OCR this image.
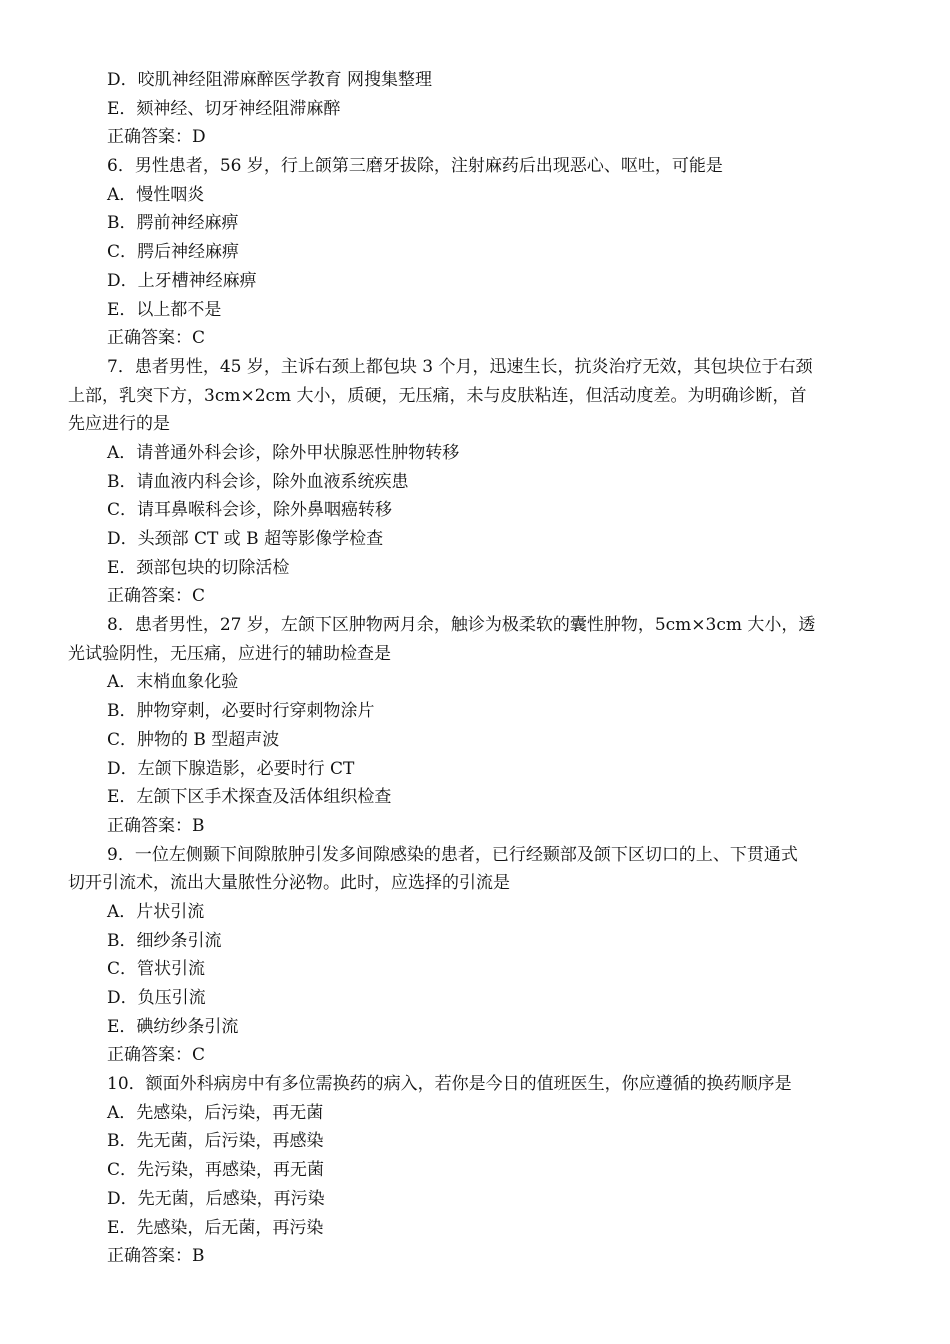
D．咬肌神经阻滞麻醉医学教育 网搜集整理
E．颏神经、切牙神经阻滞麻醉
正确答案：D
6．男性患者，56 岁，行上颌第三磨牙拔除，注射麻药后出现恶心、呕吐，可能是
A．慢性咽炎
B．腭前神经麻痹
C．腭后神经麻痹
D．上牙槽神经麻痹
E．以上都不是
正确答案：C
7．患者男性，45 岁，主诉右颈上都包块 3 个月，迅速生长，抗炎治疗无效，其包块位于右颈
上部，乳突下方，3cm×2cm 大小，质硬，无压痛，未与皮肤粘连，但活动度差。为明确诊断，首
先应进行的是
A．请普通外科会诊，除外甲状腺恶性肿物转移
B．请血液内科会诊，除外血液系统疾患
C．请耳鼻喉科会诊，除外鼻咽癌转移
D．头颈部 CT 或 B 超等影像学检查
E．颈部包块的切除活检
正确答案：C
8．患者男性，27 岁，左颌下区肿物两月余，触诊为极柔软的囊性肿物，5cm×3cm 大小，透
光试验阴性，无压痛，应进行的辅助检查是
A．末梢血象化验
B．肿物穿刺，必要时行穿刺物涂片
C．肿物的 B 型超声波
D．左颌下腺造影，必要时行 CT
E．左颌下区手术探查及活体组织检查
正确答案：B
9．一位左侧颞下间隙脓肿引发多间隙感染的患者，已行经颞部及颌下区切口的上、下贯通式
切开引流术，流出大量脓性分泌物。此时，应选择的引流是
A．片状引流
B．细纱条引流
C．管状引流
D．负压引流
E．碘纺纱条引流
正确答案：C
10．额面外科病房中有多位需换药的病入，若你是今日的值班医生，你应遵循的换药顺序是
A．先感染，后污染，再无菌
B．先无菌，后污染，再感染
C．先污染，再感染，再无菌
D．先无菌，后感染，再污染
E．先感染，后无菌，再污染
正确答案：B
